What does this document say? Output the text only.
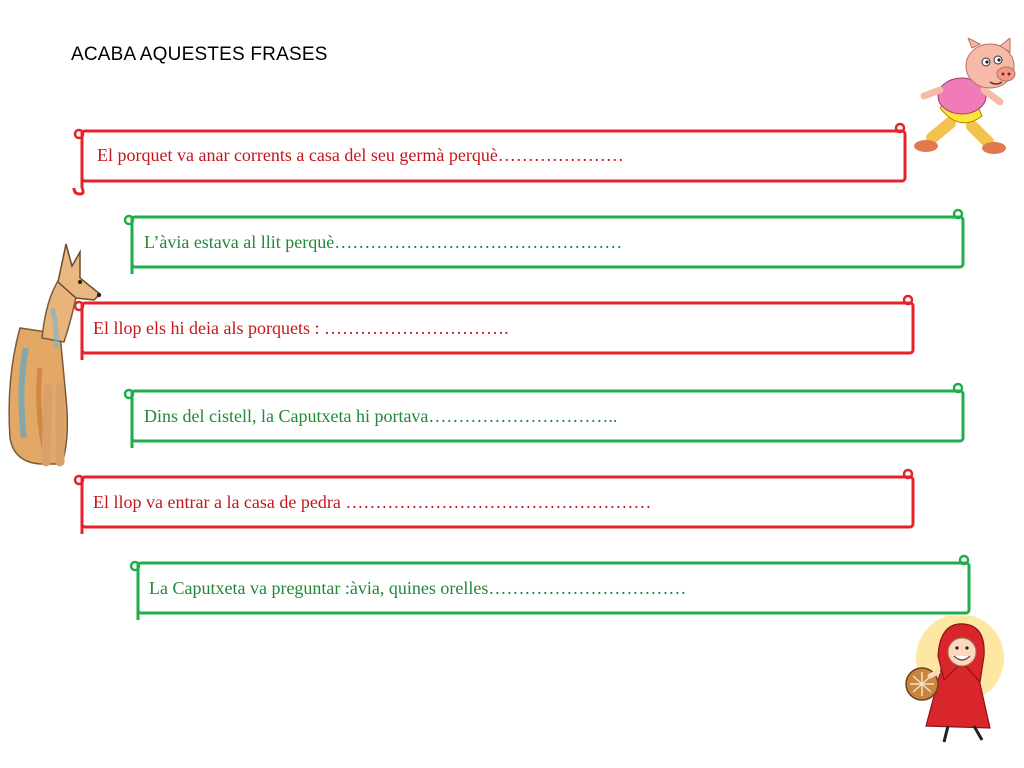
ACABA AQUESTES FRASES
El porquet va anar corrents a casa del seu germà perquè…………………
L’àvia estava al llit perquè…………………………………………
El llop els hi deia als porquets : ………………………….
Dins del cistell, la Caputxeta hi portava…………………………..
El llop va entrar a la casa de pedra ……………………………………………
La Caputxeta va preguntar :àvia, quines orelles……………………………
